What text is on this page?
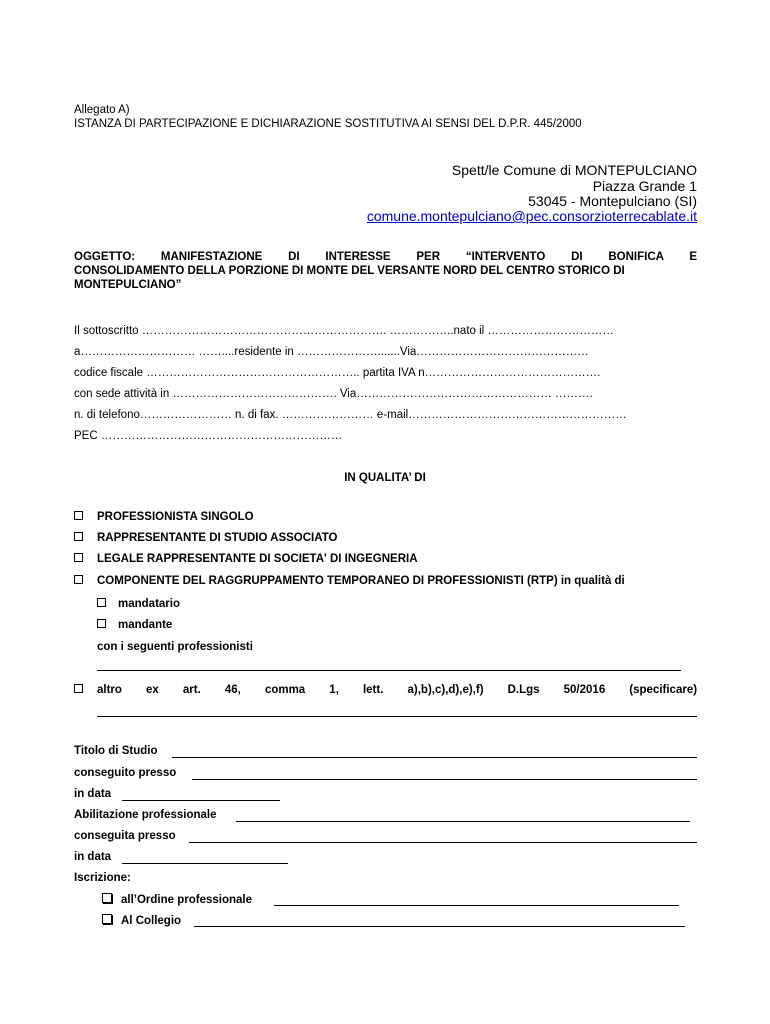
Allegato A)
ISTANZA DI PARTECIPAZIONE E DICHIARAZIONE SOSTITUTIVA AI SENSI DEL D.P.R. 445/2000
Spett/le Comune di MONTEPULCIANO
Piazza Grande 1
53045 - Montepulciano (SI)
comune.montepulciano@pec.consorzioterrecablate.it
OGGETTO: MANIFESTAZIONE DI INTERESSE PER “INTERVENTO DI BONIFICA E
CONSOLIDAMENTO DELLA PORZIONE DI MONTE DEL VERSANTE NORD DEL CENTRO STORICO DI
MONTEPULCIANO”
Il sottoscritto ………………………………………………………. ……………..nato il ……………………………
a………………………… ……....residente in ………………….......Via………………………………………
codice fiscale ……………………………………………….. partita IVA n……………………………………….
con sede attività in ……………………………………. Via…………………………………………… ……….
n. di telefono…………………… n. di fax. …………………… e-mail…………………………………………………
PEC ………………………………………………………
IN QUALITA’ DI
PROFESSIONISTA SINGOLO
RAPPRESENTANTE DI STUDIO ASSOCIATO
LEGALE RAPPRESENTANTE DI SOCIETA' DI INGEGNERIA
COMPONENTE DEL RAGGRUPPAMENTO TEMPORANEO DI PROFESSIONISTI (RTP) in qualità di
mandatario
mandante
con i seguenti professionisti
altro ex art. 46, comma 1, lett. a),b),c),d),e),f) D.Lgs 50/2016 (specificare)
Titolo di Studio
conseguito presso
in data
Abilitazione professionale
conseguita presso
in data
Iscrizione:
all’Ordine professionale
Al Collegio
